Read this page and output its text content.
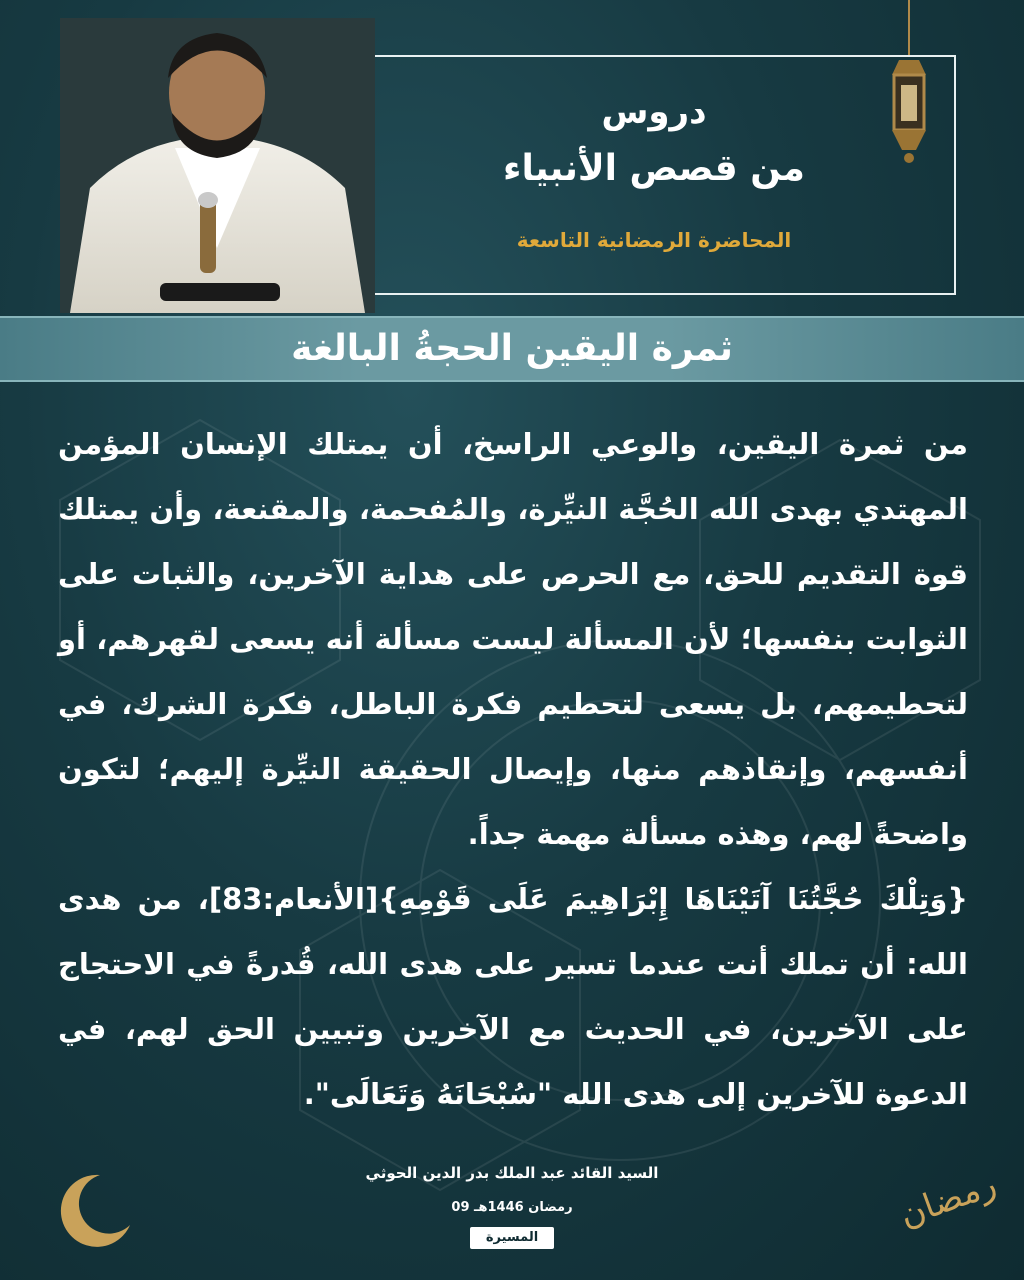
دروس

من قصص الأنبياء

المحاضرة الرمضانية التاسعة
ثمرة اليقين الحجةُ البالغة

من ثمرة اليقين، والوعي الراسخ، أن يمتلك الإنسان المؤمن المهتدي بهدى الله الحُجَّة النيِّرة، والمُفحمة، والمقنعة، وأن يمتلك قوة التقديم للحق، مع الحرص على هداية الآخرين، والثبات على الثوابت بنفسها؛ لأن المسألة ليست مسألة أنه يسعى لقهرهم، أو لتحطيمهم، بل يسعى لتحطيم فكرة الباطل، فكرة الشرك، في أنفسهم، وإنقاذهم منها، وإيصال الحقيقة النيِّرة إليهم؛ لتكون واضحةً لهم، وهذه مسألة مهمة جداً.

{وَتِلْكَ حُجَّتُنَا آتَيْنَاهَا إِبْرَاهِيمَ عَلَى قَوْمِهِ}[الأنعام:83]، من هدى الله: أن تملك أنت عندما تسير على هدى الله، قُدرةً في الاحتجاج على الآخرين، في الحديث مع الآخرين وتبيين الحق لهم، في الدعوة للآخرين إلى هدى الله "سُبْحَانَهُ وَتَعَالَى".

السيد القائد عبد الملك بدر الدين الحوثي
09 رمضان 1446هـ
المسيرة
رمضان
